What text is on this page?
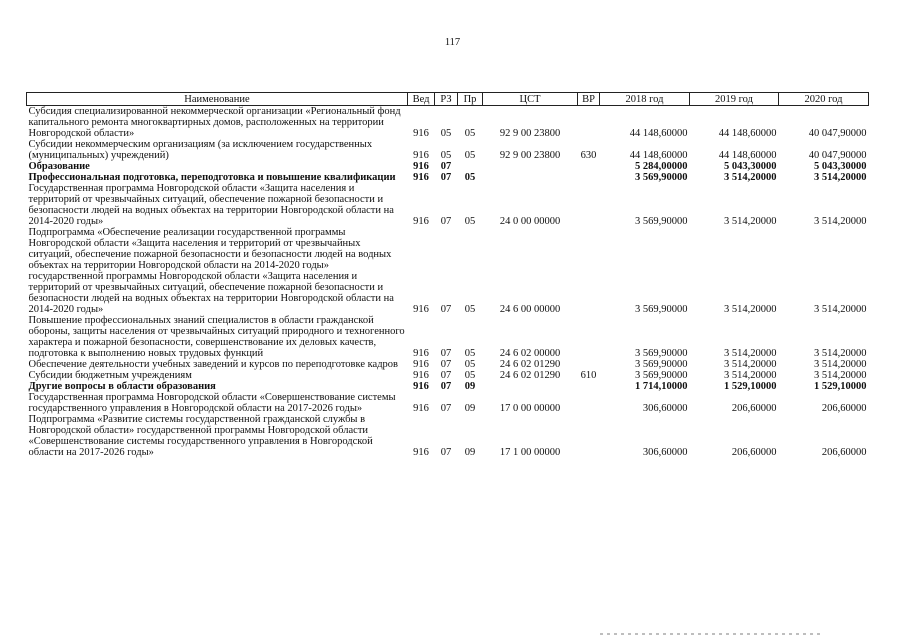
117
Наименование	Вед	РЗ	Пр	ЦСТ	ВР	2018 год	2019 год	2020 год
Субсидия специализированной некоммерческой организации «Региональный фонд капитального ремонта многоквартирных домов, расположенных на территории Новгородской области»	916	05	05	92 9 00 23800		44 148,60000	44 148,60000	40 047,90000
Субсидии некоммерческим организациям (за исключением государственных (муниципальных) учреждений)	916	05	05	92 9 00 23800	630	44 148,60000	44 148,60000	40 047,90000
Образование	916	07				5 284,00000	5 043,30000	5 043,30000
Профессиональная подготовка, переподготовка и повышение квалификации	916	07	05			3 569,90000	3 514,20000	3 514,20000
Государственная программа Новгородской области «Защита населения и территорий от чрезвычайных ситуаций, обеспечение пожарной безопасности и безопасности людей на водных объектах на территории Новгородской области на 2014-2020 годы»	916	07	05	24 0 00 00000		3 569,90000	3 514,20000	3 514,20000
Подпрограмма «Обеспечение реализации государственной программы Новгородской области «Защита населения и территорий от чрезвычайных ситуаций, обеспечение пожарной безопасности и безопасности людей на водных объектах на территории Новгородской области на 2014-2020 годы» государственной программы Новгородской области «Защита населения и территорий от чрезвычайных ситуаций, обеспечение пожарной безопасности и безопасности людей на водных объектах на территории Новгородской области на 2014-2020 годы»	916	07	05	24 6 00 00000		3 569,90000	3 514,20000	3 514,20000
Повышение профессиональных знаний специалистов в области гражданской обороны, защиты населения от чрезвычайных ситуаций природного и техногенного характера и пожарной безопасности, совершенствование их деловых качеств, подготовка к выполнению новых трудовых функций	916	07	05	24 6 02 00000		3 569,90000	3 514,20000	3 514,20000
Обеспечение деятельности учебных заведений и курсов по переподготовке кадров	916	07	05	24 6 02 01290		3 569,90000	3 514,20000	3 514,20000
Субсидии бюджетным учреждениям	916	07	05	24 6 02 01290	610	3 569,90000	3 514,20000	3 514,20000
Другие вопросы в области образования	916	07	09			1 714,10000	1 529,10000	1 529,10000
Государственная программа Новгородской области «Совершенствование системы государственного управления в Новгородской области на 2017-2026 годы»	916	07	09	17 0 00 00000		306,60000	206,60000	206,60000
Подпрограмма «Развитие системы государственной гражданской службы в Новгородской области» государственной программы Новгородской области «Совершенствование системы государственного управления в Новгородской области на 2017-2026 годы»	916	07	09	17 1 00 00000		306,60000	206,60000	206,60000
